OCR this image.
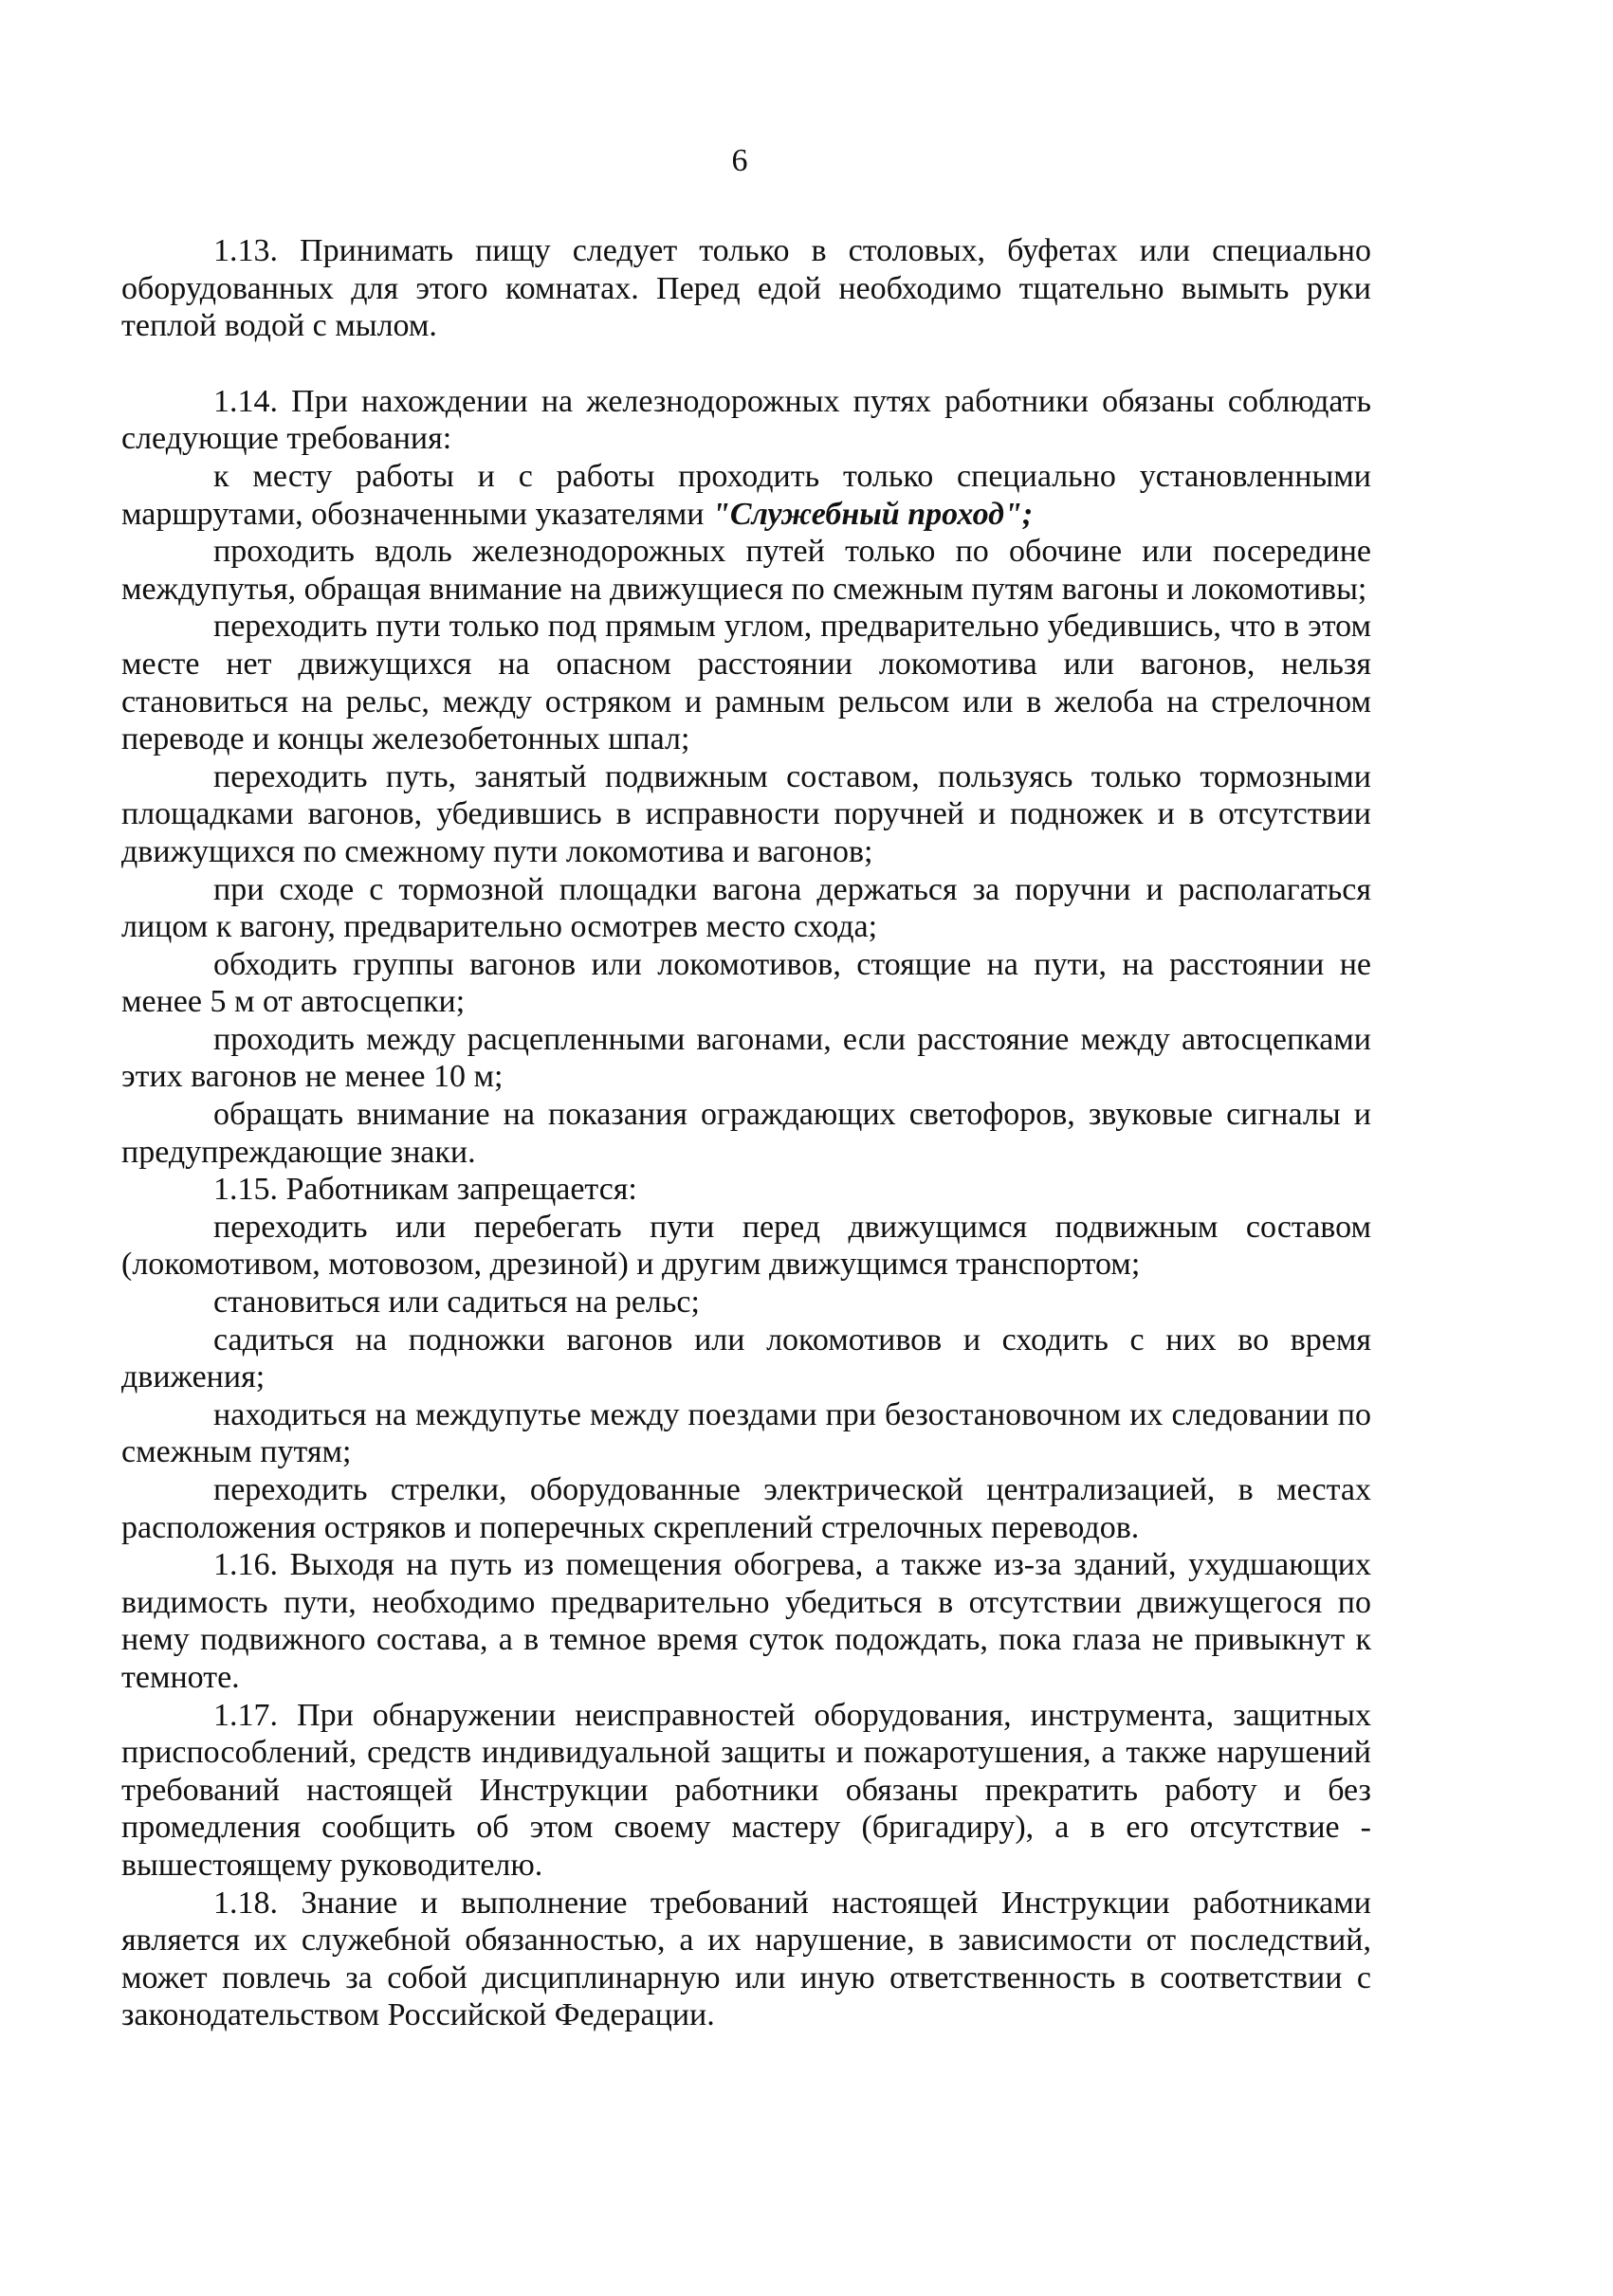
6

1.13. Принимать пищу следует только в столовых, буфетах или специально оборудованных для этого комнатах. Перед едой необходимо тщательно вымыть руки теплой водой с мылом.

1.14. При нахождении на железнодорожных путях работники обязаны соблюдать следующие требования:

к месту работы и с работы проходить только специально установленными маршрутами, обозначенными указателями "Служебный проход";

проходить вдоль железнодорожных путей только по обочине или посередине междупутья, обращая внимание на движущиеся по смежным путям вагоны и локомотивы;

переходить пути только под прямым углом, предварительно убедившись, что в этом месте нет движущихся на опасном расстоянии локомотива или вагонов, нельзя становиться на рельс, между остряком и рамным рельсом или в желоба на стрелочном переводе и концы железобетонных шпал;

переходить путь, занятый подвижным составом, пользуясь только тормозными площадками вагонов, убедившись в исправности поручней и подножек и в отсутствии движущихся по смежному пути локомотива и вагонов;

при сходе с тормозной площадки вагона держаться за поручни и располагаться лицом к вагону, предварительно осмотрев место схода;

обходить группы вагонов или локомотивов, стоящие на пути, на расстоянии не менее 5 м от автосцепки;

проходить между расцепленными вагонами, если расстояние между автосцепками этих вагонов не менее 10 м;

обращать внимание на показания ограждающих светофоров, звуковые сигналы и предупреждающие знаки.

1.15. Работникам запрещается:

переходить или перебегать пути перед движущимся подвижным составом (локомотивом, мотовозом, дрезиной) и другим движущимся транспортом;

становиться или садиться на рельс;

садиться на подножки вагонов или локомотивов и сходить с них во время движения;

находиться на междупутье между поездами при безостановочном их следовании по смежным путям;

переходить стрелки, оборудованные электрической централизацией, в местах расположения остряков и поперечных скреплений стрелочных переводов.

1.16. Выходя на путь из помещения обогрева, а также из-за зданий, ухудшающих видимость пути, необходимо предварительно убедиться в отсутствии движущегося по нему подвижного состава, а в темное время суток подождать, пока глаза не привыкнут к темноте.

1.17. При обнаружении неисправностей оборудования, инструмента, защитных приспособлений, средств индивидуальной защиты и пожаротушения, а также нарушений требований настоящей Инструкции работники обязаны прекратить работу и без промедления сообщить об этом своему мастеру (бригадиру), а в его отсутствие - вышестоящему руководителю.

1.18. Знание и выполнение требований настоящей Инструкции работниками является их служебной обязанностью, а их нарушение, в зависимости от последствий, может повлечь за собой дисциплинарную или иную ответственность в соответствии с законодательством Российской Федерации.
